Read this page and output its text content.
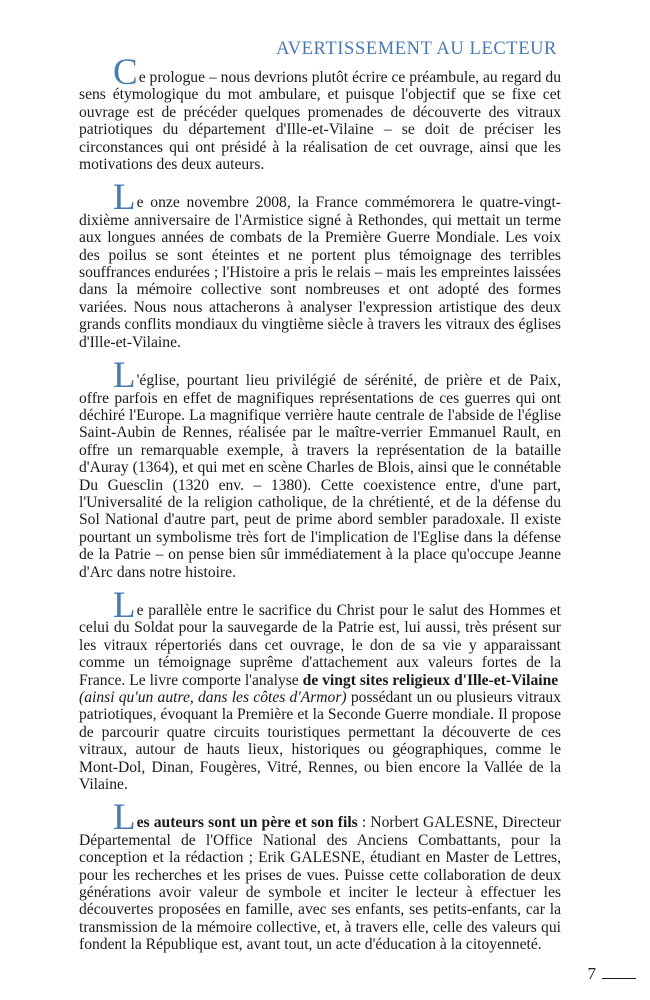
AVERTISSEMENT AU LECTEUR

Ce prologue – nous devrions plutôt écrire ce préambule, au regard du sens étymologique du mot ambulare, et puisque l'objectif que se fixe cet ouvrage est de précéder quelques promenades de découverte des vitraux patriotiques du département d'Ille-et-Vilaine – se doit de préciser les circonstances qui ont présidé à la réalisation de cet ouvrage, ainsi que les motivations des deux auteurs.

Le onze novembre 2008, la France commémorera le quatre-vingt-dixième anniversaire de l'Armistice signé à Rethondes, qui mettait un terme aux longues années de combats de la Première Guerre Mondiale. Les voix des poilus se sont éteintes et ne portent plus témoignage des terribles souffrances endurées ; l'Histoire a pris le relais – mais les empreintes laissées dans la mémoire collective sont nombreuses et ont adopté des formes variées. Nous nous attacherons à analyser l'expression artistique des deux grands conflits mondiaux du vingtième siècle à travers les vitraux des églises d'Ille-et-Vilaine.

L'église, pourtant lieu privilégié de sérénité, de prière et de Paix, offre parfois en effet de magnifiques représentations de ces guerres qui ont déchiré l'Europe. La magnifique verrière haute centrale de l'abside de l'église Saint-Aubin de Rennes, réalisée par le maître-verrier Emmanuel Rault, en offre un remarquable exemple, à travers la représentation de la bataille d'Auray (1364), et qui met en scène Charles de Blois, ainsi que le connétable Du Guesclin (1320 env. – 1380). Cette coexistence entre, d'une part, l'Universalité de la religion catholique, de la chrétienté, et de la défense du Sol National d'autre part, peut de prime abord sembler paradoxale. Il existe pourtant un symbolisme très fort de l'implication de l'Eglise dans la défense de la Patrie – on pense bien sûr immédiatement à la place qu'occupe Jeanne d'Arc dans notre histoire.

Le parallèle entre le sacrifice du Christ pour le salut des Hommes et celui du Soldat pour la sauvegarde de la Patrie est, lui aussi, très présent sur les vitraux répertoriés dans cet ouvrage, le don de sa vie y apparaissant comme un témoignage suprême d'attachement aux valeurs fortes de la France. Le livre comporte l'analyse de vingt sites religieux d'Ille-et-Vilaine
(ainsi qu'un autre, dans les côtes d'Armor) possédant un ou plusieurs vitraux patriotiques, évoquant la Première et la Seconde Guerre mondiale. Il propose de parcourir quatre circuits touristiques permettant la découverte de ces vitraux, autour de hauts lieux, historiques ou géographiques, comme le Mont-Dol, Dinan, Fougères, Vitré, Rennes, ou bien encore la Vallée de la Vilaine.

Les auteurs sont un père et son fils : Norbert GALESNE, Directeur Départemental de l'Office National des Anciens Combattants, pour la conception et la rédaction ; Erik GALESNE, étudiant en Master de Lettres, pour les recherches et les prises de vues. Puisse cette collaboration de deux générations avoir valeur de symbole et inciter le lecteur à effectuer les découvertes proposées en famille, avec ses enfants, ses petits-enfants, car la transmission de la mémoire collective, et, à travers elle, celle des valeurs qui fondent la République est, avant tout, un acte d'éducation à la citoyenneté.

7
